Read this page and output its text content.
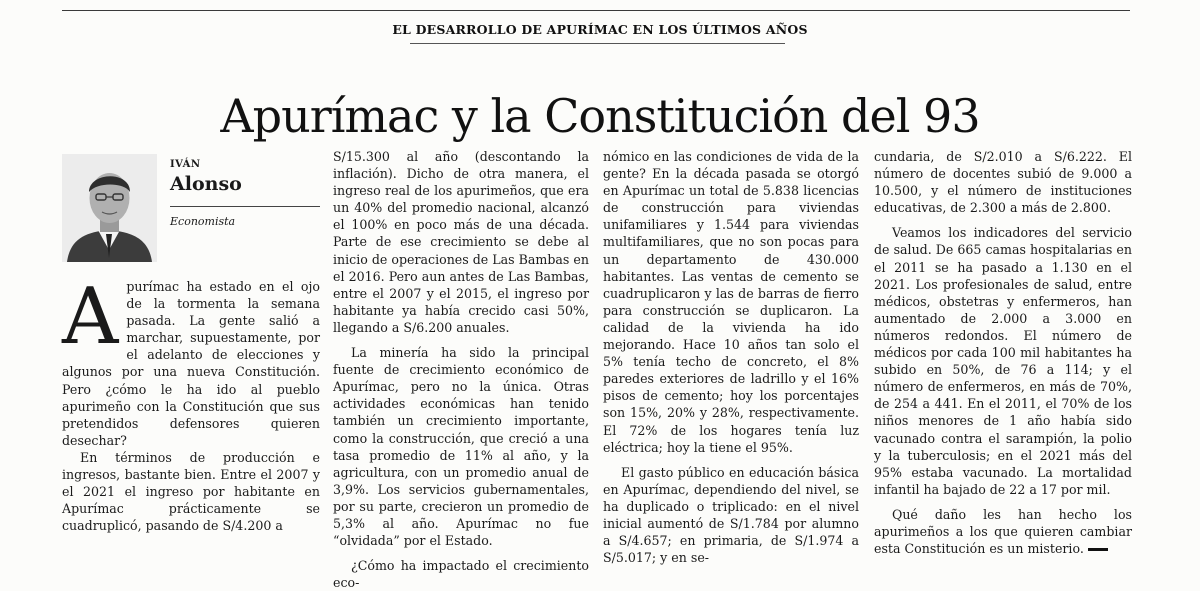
EL DESARROLLO DE APURÍMAC EN LOS ÚLTIMOS AÑOS
Apurímac y la Constitución del 93
IVÁN
Alonso
Economista

Apurímac ha estado en el ojo de la tormenta la semana pasada. La gente salió a marchar, supuestamente, por el adelanto de elecciones y algunos por una nueva Constitución. Pero ¿cómo le ha ido al pueblo apurimeño con la Constitución que sus pretendidos defensores quieren desechar?

En términos de producción e ingresos, bastante bien. Entre el 2007 y el 2021 el ingreso por habitante en Apurímac prácticamente se cuadruplicó, pasando de S/4.200 a

S/15.300 al año (descontando la inflación). Dicho de otra manera, el ingreso real de los apurimeños, que era un 40% del promedio nacional, alcanzó el 100% en poco más de una década. Parte de ese crecimiento se debe al inicio de operaciones de Las Bambas en el 2016. Pero aun antes de Las Bambas, entre el 2007 y el 2015, el ingreso por habitante ya había crecido casi 50%, llegando a S/6.200 anuales.

La minería ha sido la principal fuente de crecimiento económico de Apurímac, pero no la única. Otras actividades económicas han tenido también un crecimiento importante, como la construcción, que creció a una tasa promedio de 11% al año, y la agricultura, con un promedio anual de 3,9%. Los servicios gubernamentales, por su parte, crecieron un promedio de 5,3% al año. Apurímac no fue “olvidada” por el Estado.

¿Cómo ha impactado el crecimiento eco-

nómico en las condiciones de vida de la gente? En la década pasada se otorgó en Apurímac un total de 5.838 licencias de construcción para viviendas unifamiliares y 1.544 para viviendas multifamiliares, que no son pocas para un departamento de 430.000 habitantes. Las ventas de cemento se cuadruplicaron y las de barras de fierro para construcción se duplicaron. La calidad de la vivienda ha ido mejorando. Hace 10 años tan solo el 5% tenía techo de concreto, el 8% paredes exteriores de ladrillo y el 16% pisos de cemento; hoy los porcentajes son 15%, 20% y 28%, respectivamente. El 72% de los hogares tenía luz eléctrica; hoy la tiene el 95%.

El gasto público en educación básica en Apurímac, dependiendo del nivel, se ha duplicado o triplicado: en el nivel inicial aumentó de S/1.784 por alumno a S/4.657; en primaria, de S/1.974 a S/5.017; y en se-

cundaria, de S/2.010 a S/6.222. El número de docentes subió de 9.000 a 10.500, y el número de instituciones educativas, de 2.300 a más de 2.800.

Veamos los indicadores del servicio de salud. De 665 camas hospitalarias en el 2011 se ha pasado a 1.130 en el 2021. Los profesionales de salud, entre médicos, obstetras y enfermeros, han aumentado de 2.000 a 3.000 en números redondos. El número de médicos por cada 100 mil habitantes ha subido en 50%, de 76 a 114; y el número de enfermeros, en más de 70%, de 254 a 441. En el 2011, el 70% de los niños menores de 1 año había sido vacunado contra el sarampión, la polio y la tuberculosis; en el 2021 más del 95% estaba vacunado. La mortalidad infantil ha bajado de 22 a 17 por mil.

Qué daño les han hecho los apurimeños a los que quieren cambiar esta Constitución es un misterio.
